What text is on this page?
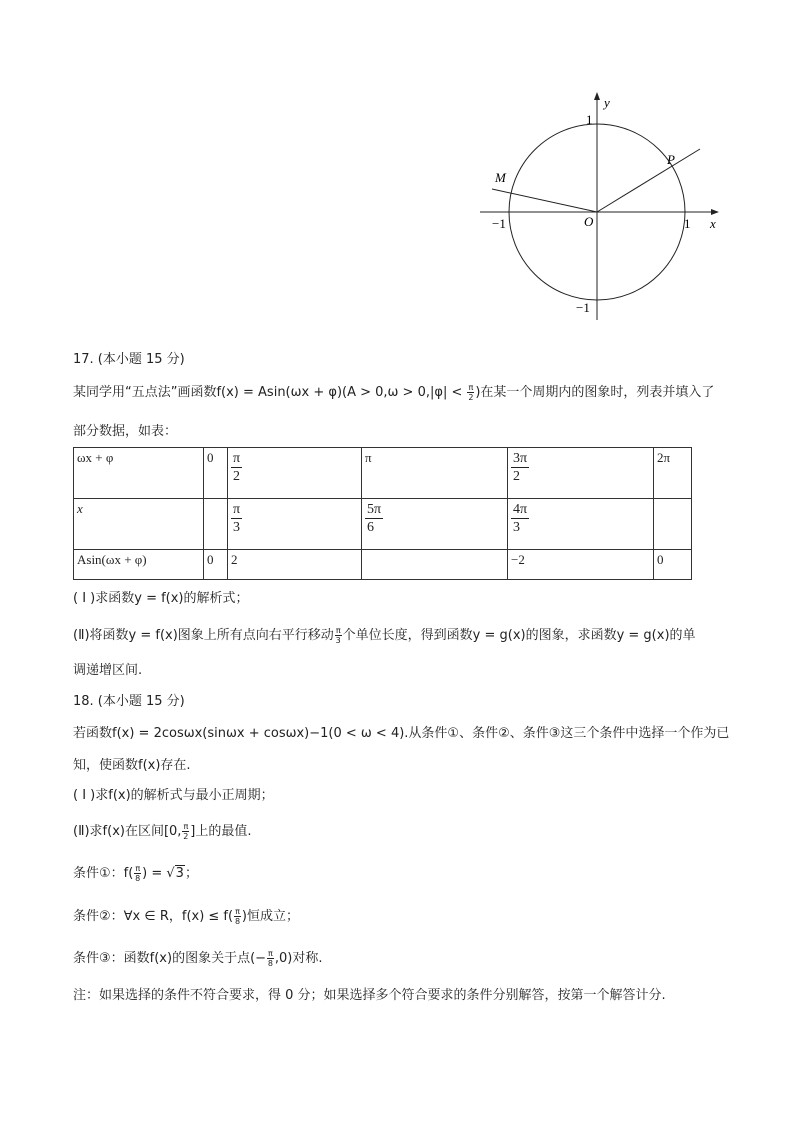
y
x
O
P
M
1
−1
1
−1
17. (本小题 15 分)
某同学用“五点法”画函数$f(x) = Asin(\omega x + \varphi)(A > 0,\omega > 0,|\varphi| < \frac{\pi}{2}$ )在某一个周期内的图象时，列表并填入了
部分数据，如表：
ωx + φ	0	$\frac{\pi}{2}$	π	$\frac{3\pi}{2}$	2π
x		$\frac{\pi}{3}$	$\frac{5\pi}{6}$	$\frac{4\pi}{3}$

Asin(ωx + φ)	0	2		−2	0
( Ⅰ )求函数y = f(x)的解析式；
(Ⅱ)将函数y = f(x)图象上所有点向右平行移动 $\frac{\pi}{3}$ 个单位长度，得到函数y = g(x)的图象，求函数y = g(x)的单
调递增区间.
18. (本小题 15 分)
若函数f(x) = 2cosωx(sinωx + cosωx)−1(0 < ω < 4).从条件①、条件②、条件③这三个条件中选择一个作为已
知，使函数f(x)存在.
( Ⅰ )求f(x)的解析式与最小正周期；
(Ⅱ)求f(x)在区间[0, $\frac{\pi}{2}$ ]上的最值.
条件①：$f( \frac{\pi}{8}$ ) = √3；
条件②：∀x ∈ R，$f(x) \le f( \frac{\pi}{8}$ )恒成立；
条件③：函数f(x)的图象关于点(− $\frac{\pi}{8} ,0$)对称.
注：如果选择的条件不符合要求，得 0 分；如果选择多个符合要求的条件分别解答，按第一个解答计分.
